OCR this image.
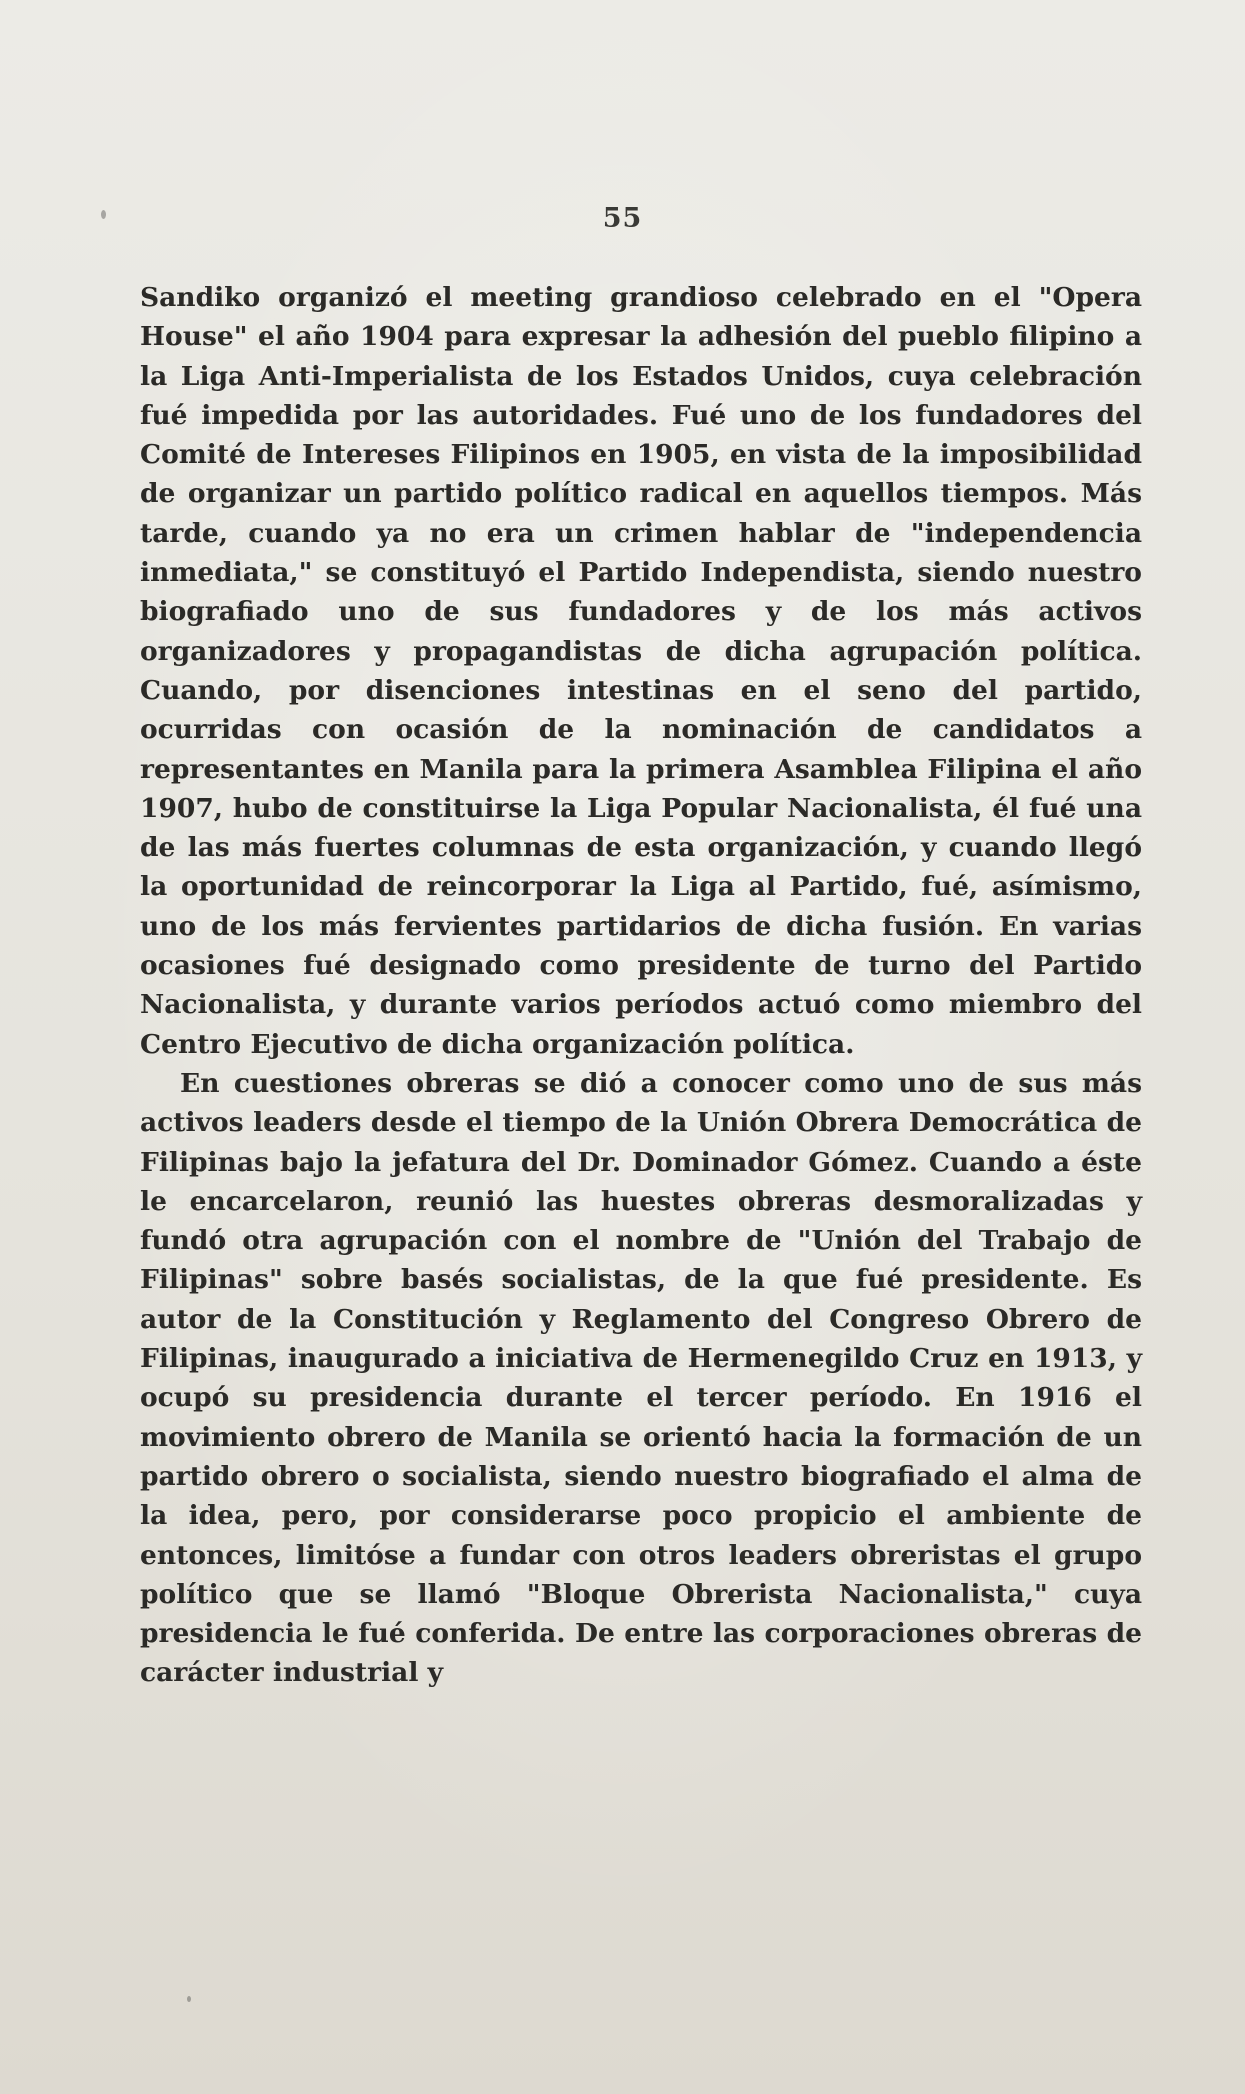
55

Sandiko organizó el meeting grandioso celebrado en el "Opera House" el año 1904 para expresar la adhesión del pueblo filipino a la Liga Anti-Imperialista de los Estados Unidos, cuya celebración fué impedida por las autoridades. Fué uno de los fundadores del Comité de Intereses Filipinos en 1905, en vista de la imposibilidad de organizar un partido político radical en aquellos tiempos. Más tarde, cuando ya no era un crimen hablar de "independencia inmediata," se constituyó el Partido Independista, siendo nuestro biografiado uno de sus fundadores y de los más activos organizadores y propagandistas de dicha agrupación política. Cuando, por disenciones intestinas en el seno del partido, ocurridas con ocasión de la nominación de candidatos a representantes en Manila para la primera Asamblea Filipina el año 1907, hubo de constituirse la Liga Popular Nacionalista, él fué una de las más fuertes columnas de esta organización, y cuando llegó la oportunidad de reincorporar la Liga al Partido, fué, asímismo, uno de los más fervientes partidarios de dicha fusión. En varias ocasiones fué designado como presidente de turno del Partido Nacionalista, y durante varios períodos actuó como miembro del Centro Ejecutivo de dicha organización política.

En cuestiones obreras se dió a conocer como uno de sus más activos leaders desde el tiempo de la Unión Obrera Democrática de Filipinas bajo la jefatura del Dr. Dominador Gómez. Cuando a éste le encarcelaron, reunió las huestes obreras desmoralizadas y fundó otra agrupación con el nombre de "Unión del Trabajo de Filipinas" sobre basés socialistas, de la que fué presidente. Es autor de la Constitución y Reglamento del Congreso Obrero de Filipinas, inaugurado a iniciativa de Hermenegildo Cruz en 1913, y ocupó su presidencia durante el tercer período. En 1916 el movimiento obrero de Manila se orientó hacia la formación de un partido obrero o socialista, siendo nuestro biografiado el alma de la idea, pero, por considerarse poco propicio el ambiente de entonces, limitóse a fundar con otros leaders obreristas el grupo político que se llamó "Bloque Obrerista Nacionalista," cuya presidencia le fué conferida. De entre las corporaciones obreras de carácter industrial y
